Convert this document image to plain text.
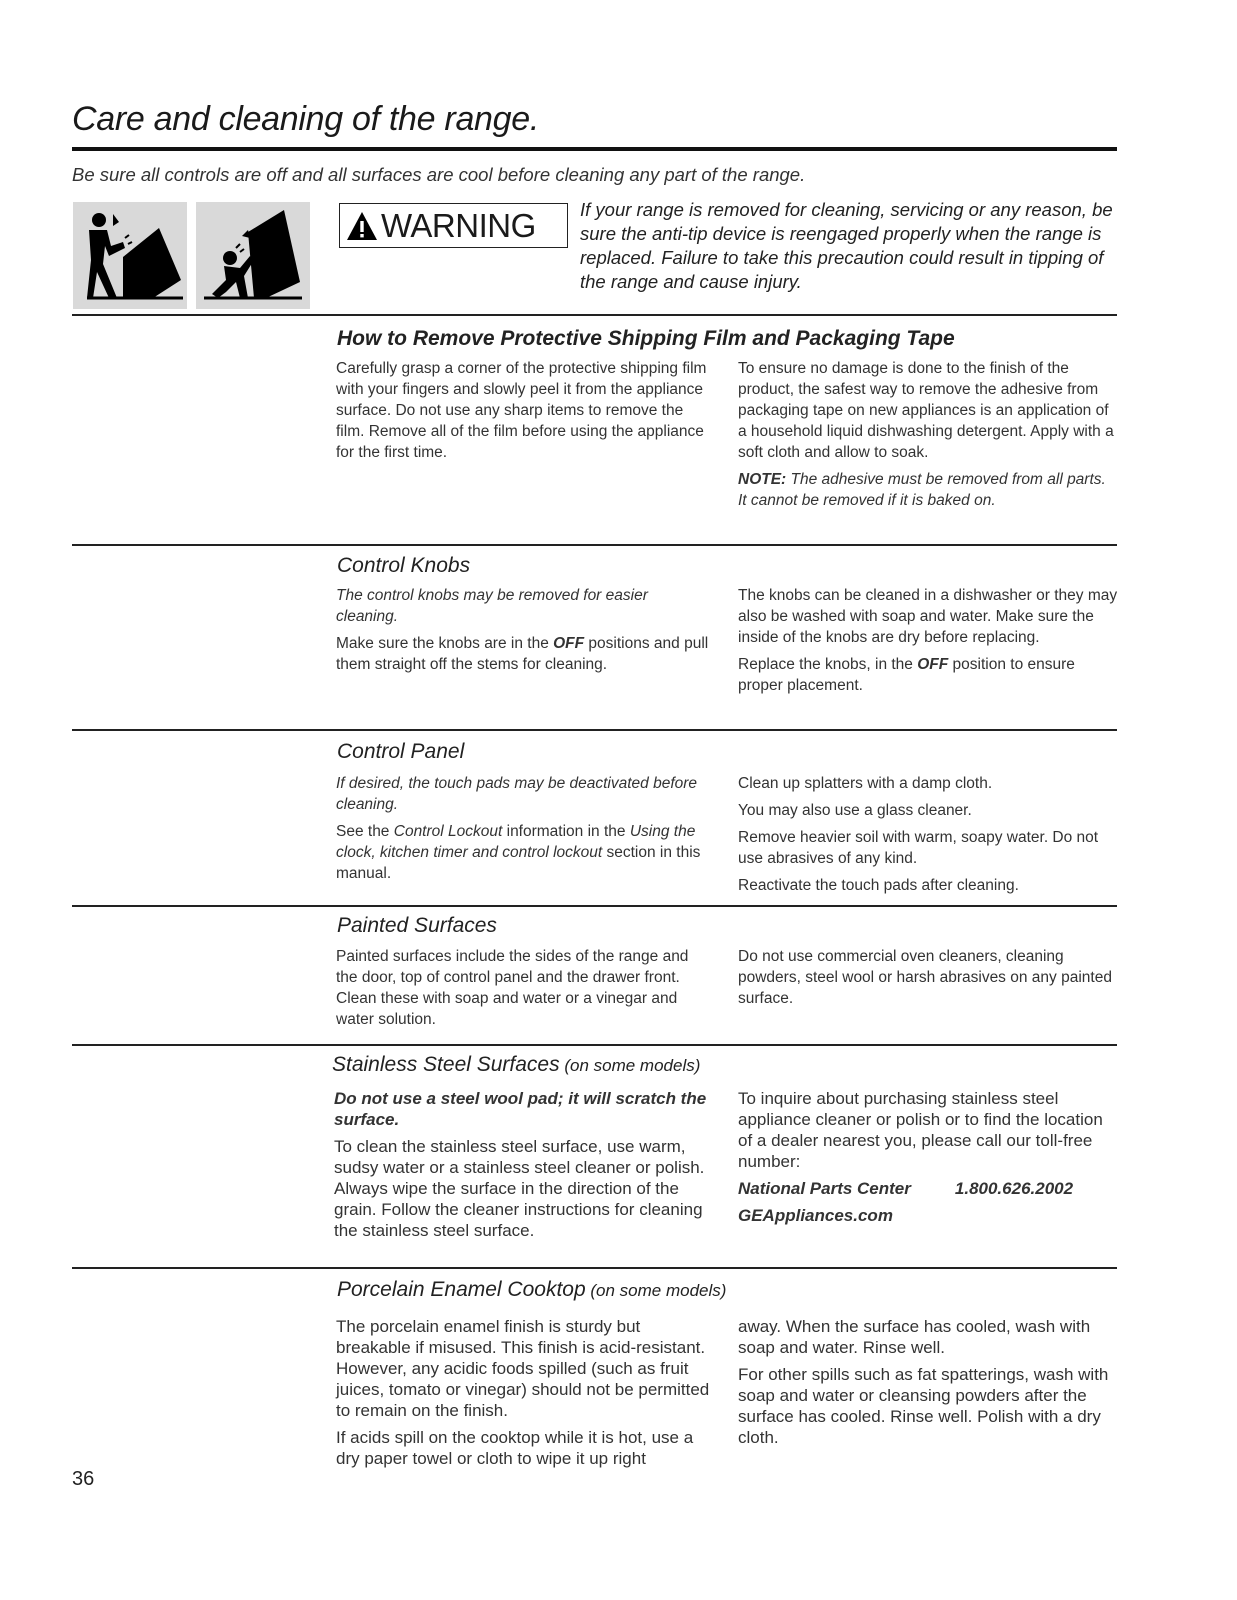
Care and cleaning of the range.
Be sure all controls are off and all surfaces are cool before cleaning any part of the range.
WARNING If your range is removed for cleaning, servicing or any reason, be sure the anti-tip device is reengaged properly when the range is replaced. Failure to take this precaution could result in tipping of the range and cause injury.
How to Remove Protective Shipping Film and Packaging Tape

Carefully grasp a corner of the protective shipping film with your fingers and slowly peel it from the appliance surface. Do not use any sharp items to remove the film. Remove all of the film before using the appliance for the first time.

To ensure no damage is done to the finish of the product, the safest way to remove the adhesive from packaging tape on new appliances is an application of a household liquid dishwashing detergent. Apply with a soft cloth and allow to soak.

NOTE: The adhesive must be removed from all parts. It cannot be removed if it is baked on.

Control Knobs

The control knobs may be removed for easier cleaning.

Make sure the knobs are in the OFF positions and pull them straight off the stems for cleaning.

The knobs can be cleaned in a dishwasher or they may also be washed with soap and water. Make sure the inside of the knobs are dry before replacing.

Replace the knobs, in the OFF position to ensure proper placement.

Control Panel

If desired, the touch pads may be deactivated before cleaning.

See the Control Lockout information in the Using the clock, kitchen timer and control lockout section in this manual.

Clean up splatters with a damp cloth.

You may also use a glass cleaner.

Remove heavier soil with warm, soapy water. Do not use abrasives of any kind.

Reactivate the touch pads after cleaning.

Painted Surfaces

Painted surfaces include the sides of the range and the door, top of control panel and the drawer front. Clean these with soap and water or a vinegar and water solution.

Do not use commercial oven cleaners, cleaning powders, steel wool or harsh abrasives on any painted surface.

Stainless Steel Surfaces (on some models)

Do not use a steel wool pad; it will scratch the surface.

To clean the stainless steel surface, use warm, sudsy water or a stainless steel cleaner or polish. Always wipe the surface in the direction of the grain. Follow the cleaner instructions for cleaning the stainless steel surface.

To inquire about purchasing stainless steel appliance cleaner or polish or to find the location of a dealer nearest you, please call our toll-free number:

National Parts Center	1.800.626.2002

GEAppliances.com

Porcelain Enamel Cooktop (on some models)

The porcelain enamel finish is sturdy but breakable if misused. This finish is acid-resistant. However, any acidic foods spilled (such as fruit juices, tomato or vinegar) should not be permitted to remain on the finish.

If acids spill on the cooktop while it is hot, use a dry paper towel or cloth to wipe it up right

away. When the surface has cooled, wash with soap and water. Rinse well.

For other spills such as fat spatterings, wash with soap and water or cleansing powders after the surface has cooled. Rinse well. Polish with a dry cloth.

36
